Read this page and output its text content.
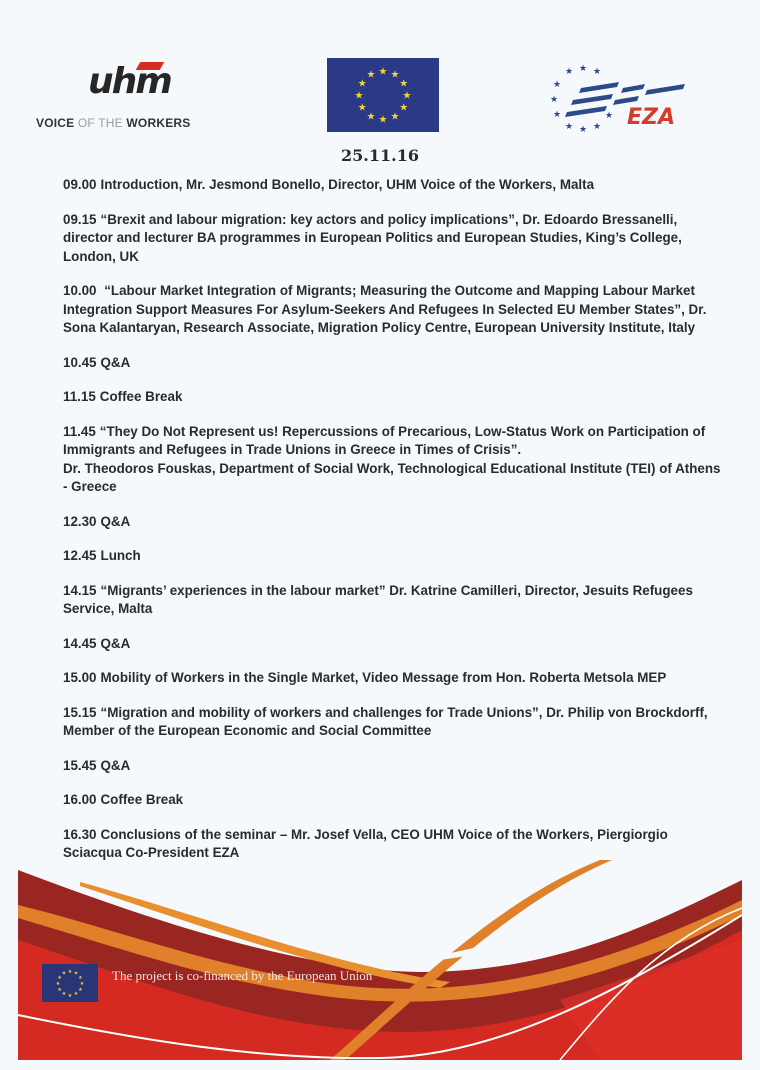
uhm
VOICE OF THE WORKERS
★ ★
★
★
★
★
★
★
★
★
★
★	★ ★ ★
★
★
★
★ ★ ★
★ EZA
25.11.16
09.00 Introduction, Mr. Jesmond Bonello, Director, UHM Voice of the Workers, Malta
09.15 “Brexit and labour migration: key actors and policy implications”, Dr. Edoardo Bressanelli, director and lecturer BA programmes in European Politics and European Studies, King’s College, London, UK
10.00 “Labour Market Integration of Migrants; Measuring the Outcome and Mapping Labour Market Integration Support Measures For Asylum-Seekers And Refugees In Selected EU Member States”, Dr. Sona Kalantaryan, Research Associate, Migration Policy Centre, European University Institute, Italy
10.45 Q&A
11.15 Coffee Break
11.45 “They Do Not Represent us! Repercussions of Precarious, Low-Status Work on Participation of Immigrants and Refugees in Trade Unions in Greece in Times of Crisis”.
Dr. Theodoros Fouskas, Department of Social Work, Technological Educational Institute (TEI) of Athens - Greece
12.30 Q&A
12.45 Lunch
14.15 “Migrants’ experiences in the labour market” Dr. Katrine Camilleri, Director, Jesuits Refugees Service, Malta
14.45 Q&A
15.00 Mobility of Workers in the Single Market, Video Message from Hon. Roberta Metsola MEP
15.15 “Migration and mobility of workers and challenges for Trade Unions”, Dr. Philip von Brockdorff, Member of the European Economic and Social Committee
15.45 Q&A
16.00 Coffee Break
16.30 Conclusions of the seminar – Mr. Josef Vella, CEO UHM Voice of the Workers, Piergiorgio Sciacqua Co-President EZA
★ ★
★
★
★
★
★
★
★
★
★
★	The project is co-financed by the European Union
